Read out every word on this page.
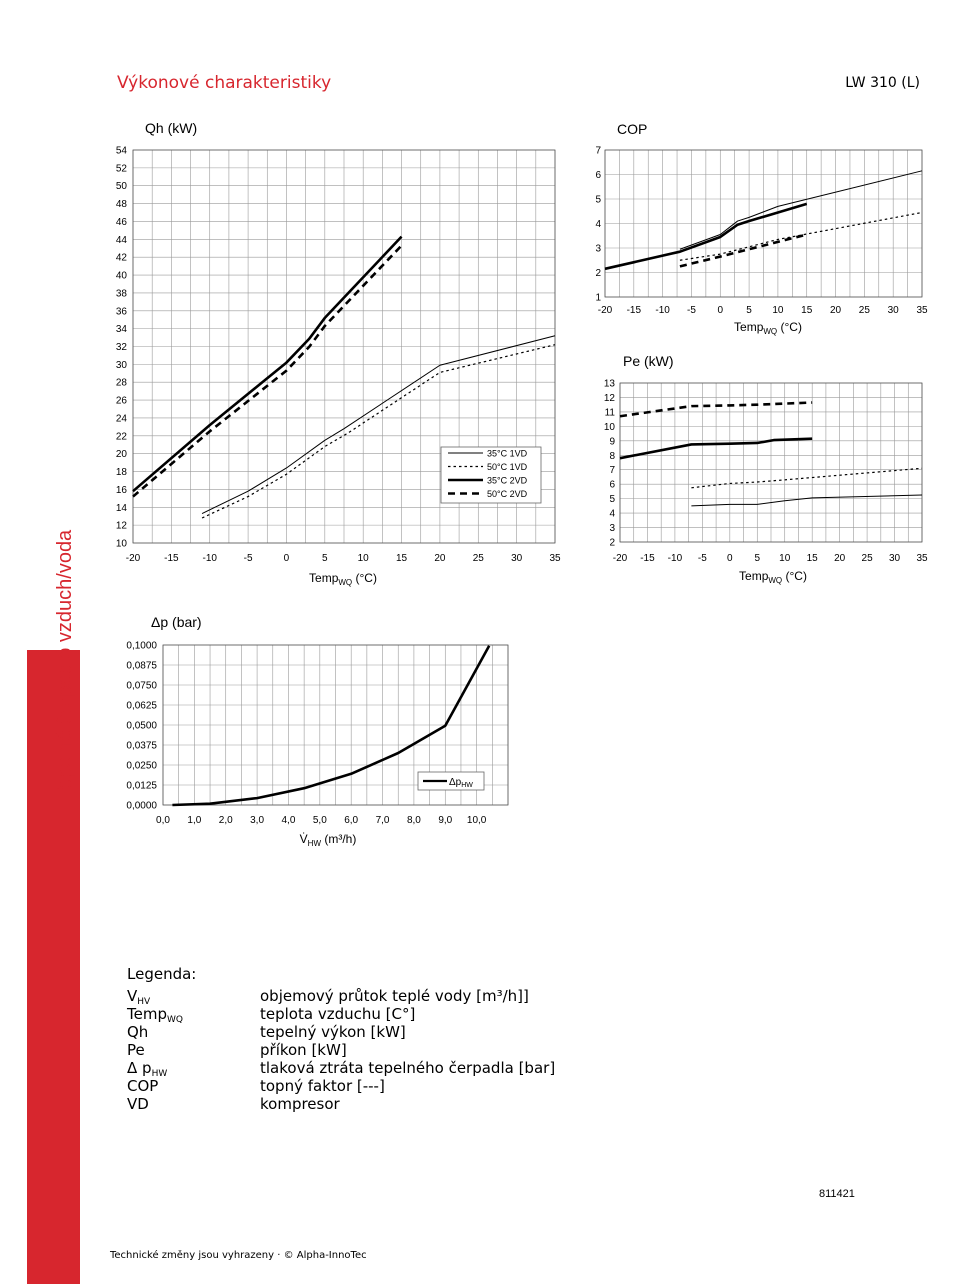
2.1 Tepelné čerpadlo vzduch/voda
Výkonové charakteristiky	LW 310 (L)
Qh (kW)
10
12
14
16
18
20
22
24
26
28
30
32
34
36
38
40
42
44
46
48
50
52
54
-20 -15 -10	-5	0	5	10	15	20	25	30	35
Temp$_{WQ}$ (°C)
35°C 1VD
50°C 1VD
35°C 2VD
50°C 2VD
COP
1
2
3
4
5
6
7
-20 -15 -10 -5 0 5 10 15 20 25 30 35
Temp$_{WQ}$ (°C)
Pe (kW)
2
3
4
5
6
7
8
9
10
11
12
13
-20 -15 -10 -5 0 5 10 15 20 25 30 35
Temp$_{WQ}$ (°C)
Δp (bar)
0,0000
0,0125
0,0250
0,0375
0,0500
0,0625
0,0750
0,0875
0,1000
0,0 1,0 2,0 3,0 4,0 5,0 6,0 7,0 8,0 9,0 10,0
$V̇_{HW}$ (m³/h)
$\Delta p_{HW}$
Legenda:
$V_{HV}$	objemový průtok teplé vody [m³/h]]
Temp$_{WQ}$	teplota vzduchu [C°]
Qh	tepelný výkon [kW]
Pe	příkon [kW]
Δ $p_{HW}$	tlaková ztráta tepelného čerpadla [bar]
COP	topný faktor [---]
VD	kompresor
811421
Technické změny jsou vyhrazeny · © Alpha-InnoTec
